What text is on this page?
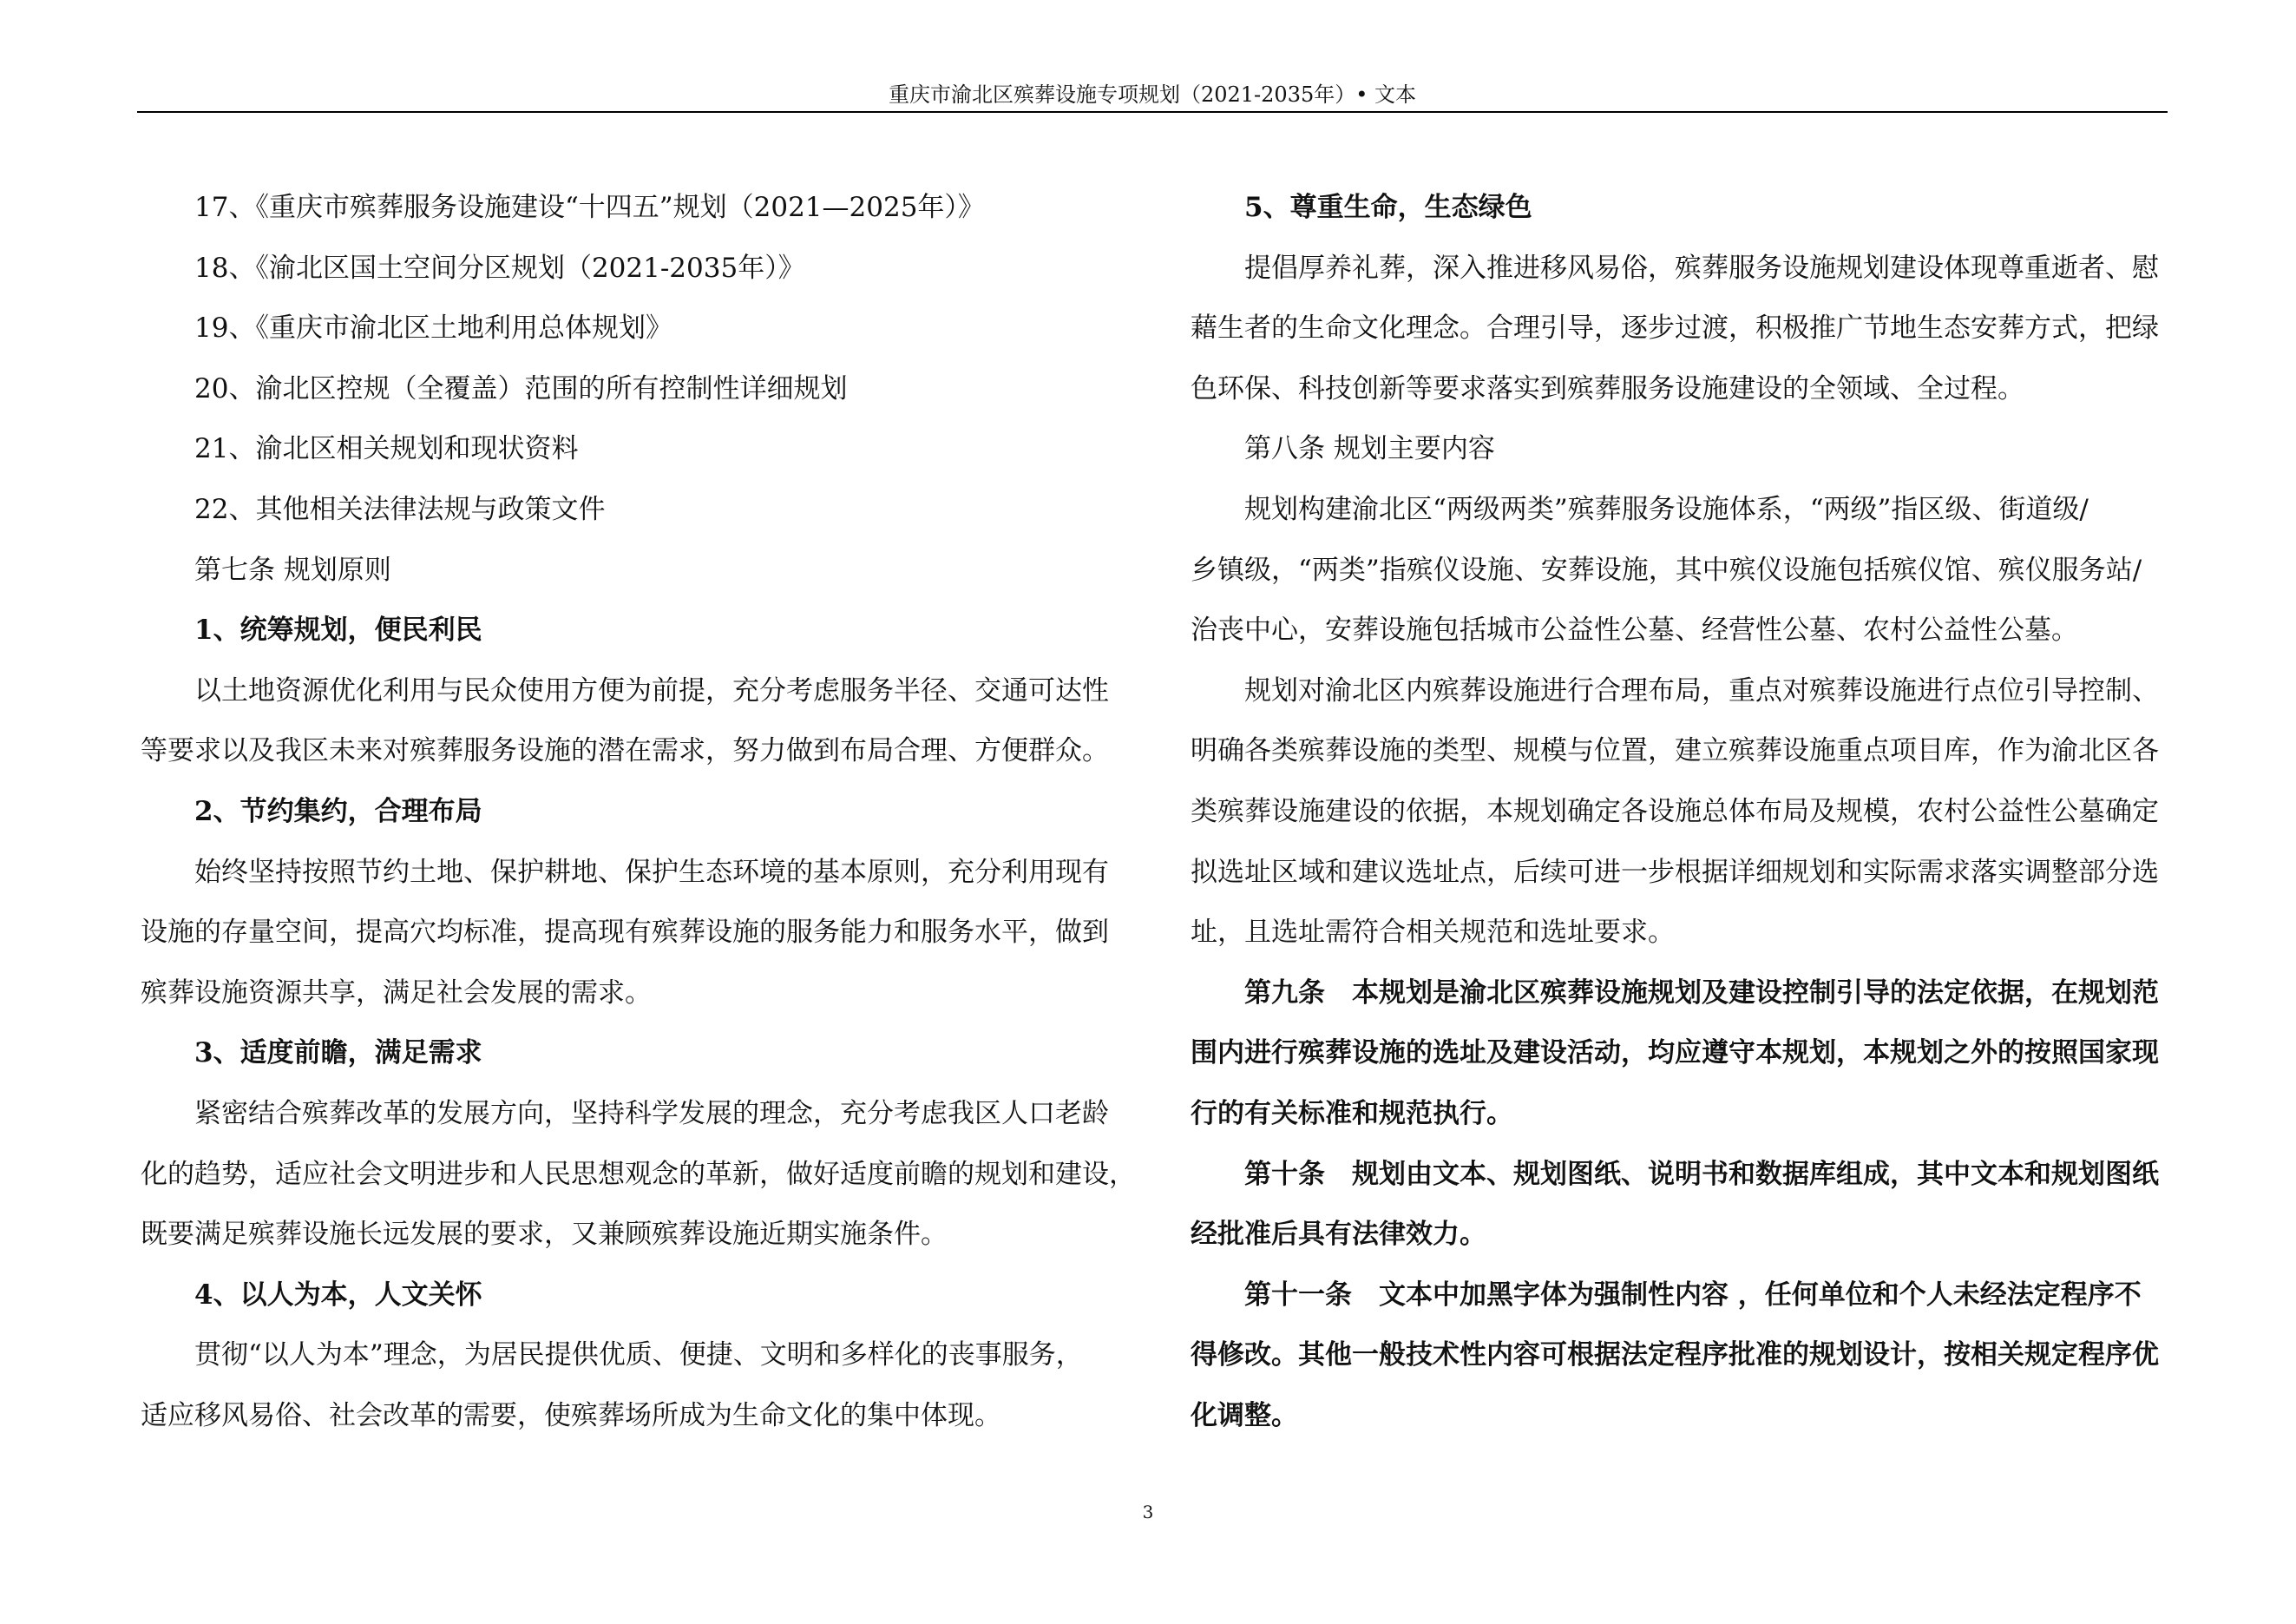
重庆市渝北区殡葬设施专项规划（2021-2035年）• 文本
17、《重庆市殡葬服务设施建设“十四五”规划（2021—2025年）》
18、《渝北区国土空间分区规划（2021-2035年）》
19、《重庆市渝北区土地利用总体规划》
20、渝北区控规（全覆盖）范围的所有控制性详细规划
21、渝北区相关规划和现状资料
22、其他相关法律法规与政策文件
第七条 规划原则
1、统筹规划，便民利民
以土地资源优化利用与民众使用方便为前提，充分考虑服务半径、交通可达性
等要求以及我区未来对殡葬服务设施的潜在需求，努力做到布局合理、方便群众。
2、节约集约，合理布局
始终坚持按照节约土地、保护耕地、保护生态环境的基本原则，充分利用现有
设施的存量空间，提高穴均标准，提高现有殡葬设施的服务能力和服务水平，做到
殡葬设施资源共享，满足社会发展的需求。
3、适度前瞻，满足需求
紧密结合殡葬改革的发展方向，坚持科学发展的理念，充分考虑我区人口老龄
化的趋势，适应社会文明进步和人民思想观念的革新，做好适度前瞻的规划和建设，
既要满足殡葬设施长远发展的要求，又兼顾殡葬设施近期实施条件。
4、以人为本，人文关怀
贯彻“以人为本”理念，为居民提供优质、便捷、文明和多样化的丧事服务，
适应移风易俗、社会改革的需要，使殡葬场所成为生命文化的集中体现。
5、尊重生命，生态绿色
提倡厚养礼葬，深入推进移风易俗，殡葬服务设施规划建设体现尊重逝者、慰
藉生者的生命文化理念。合理引导，逐步过渡，积极推广节地生态安葬方式，把绿
色环保、科技创新等要求落实到殡葬服务设施建设的全领域、全过程。
第八条 规划主要内容
规划构建渝北区“两级两类”殡葬服务设施体系，“两级”指区级、街道级/
乡镇级，“两类”指殡仪设施、安葬设施，其中殡仪设施包括殡仪馆、殡仪服务站/
治丧中心，安葬设施包括城市公益性公墓、经营性公墓、农村公益性公墓。
规划对渝北区内殡葬设施进行合理布局，重点对殡葬设施进行点位引导控制、
明确各类殡葬设施的类型、规模与位置，建立殡葬设施重点项目库，作为渝北区各
类殡葬设施建设的依据，本规划确定各设施总体布局及规模，农村公益性公墓确定
拟选址区域和建议选址点，后续可进一步根据详细规划和实际需求落实调整部分选
址，且选址需符合相关规范和选址要求。
第九条　本规划是渝北区殡葬设施规划及建设控制引导的法定依据，在规划范
围内进行殡葬设施的选址及建设活动，均应遵守本规划，本规划之外的按照国家现
行的有关标准和规范执行。
第十条　规划由文本、规划图纸、说明书和数据库组成，其中文本和规划图纸
经批准后具有法律效力。
第十一条　文本中加黑字体为强制性内容 ，任何单位和个人未经法定程序不
得修改。其他一般技术性内容可根据法定程序批准的规划设计，按相关规定程序优
化调整。
3
